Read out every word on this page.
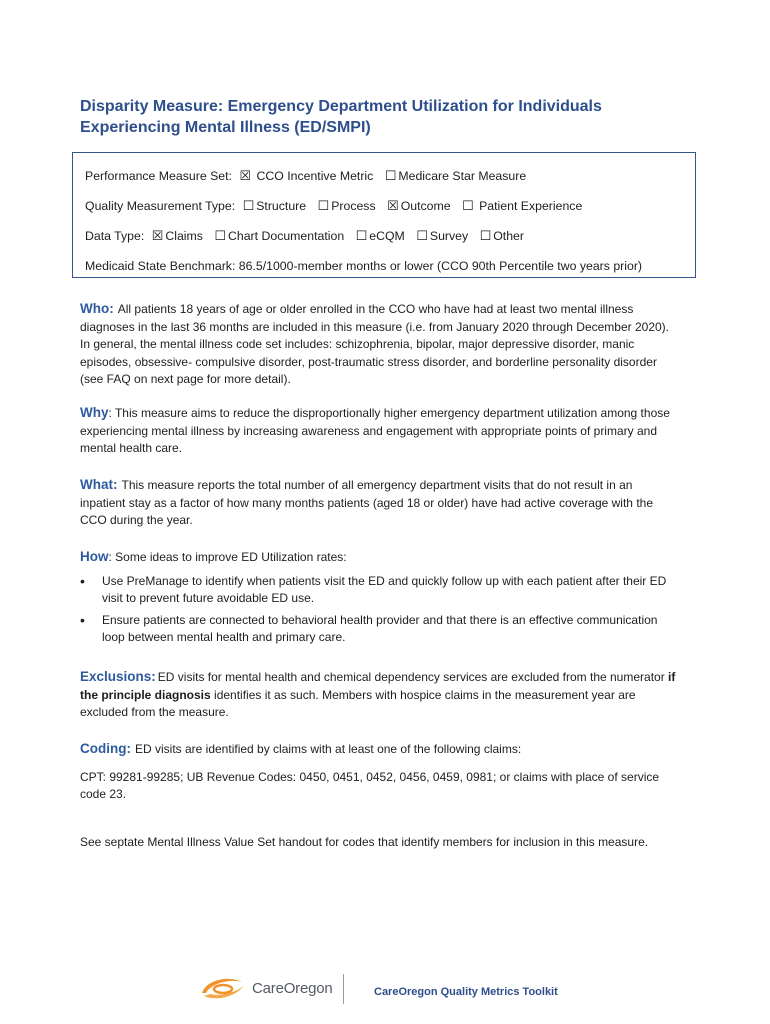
Disparity Measure: Emergency Department Utilization for Individuals Experiencing Mental Illness (ED/SMPI)
Performance Measure Set: ☒ CCO Incentive Metric ☐ Medicare Star Measure
Quality Measurement Type: ☐ Structure ☐ Process ☒ Outcome ☐ Patient Experience
Data Type: ☒ Claims ☐ Chart Documentation ☐ eCQM ☐ Survey ☐ Other
Medicaid State Benchmark: 86.5/1000-member months or lower (CCO 90th Percentile two years prior)

Who: All patients 18 years of age or older enrolled in the CCO who have had at least two mental illness diagnoses in the last 36 months are included in this measure (i.e. from January 2020 through December 2020). In general, the mental illness code set includes: schizophrenia, bipolar, major depressive disorder, manic episodes, obsessive- compulsive disorder, post-traumatic stress disorder, and borderline personality disorder (see FAQ on next page for more detail).

Why: This measure aims to reduce the disproportionally higher emergency department utilization among those experiencing mental illness by increasing awareness and engagement with appropriate points of primary and mental health care.

What: This measure reports the total number of all emergency department visits that do not result in an inpatient stay as a factor of how many months patients (aged 18 or older) have had active coverage with the CCO during the year.

How: Some ideas to improve ED Utilization rates:

• Use PreManage to identify when patients visit the ED and quickly follow up with each patient after their ED visit to prevent future avoidable ED use.
• Ensure patients are connected to behavioral health provider and that there is an effective communication loop between mental health and primary care.

Exclusions: ED visits for mental health and chemical dependency services are excluded from the numerator if the principle diagnosis identifies it as such. Members with hospice claims in the measurement year are excluded from the measure.

Coding: ED visits are identified by claims with at least one of the following claims:

CPT: 99281-99285; UB Revenue Codes: 0450, 0451, 0452, 0456, 0459, 0981; or claims with place of service code 23.

See septate Mental Illness Value Set handout for codes that identify members for inclusion in this measure.

CareOregon	CareOregon Quality Metrics Toolkit
